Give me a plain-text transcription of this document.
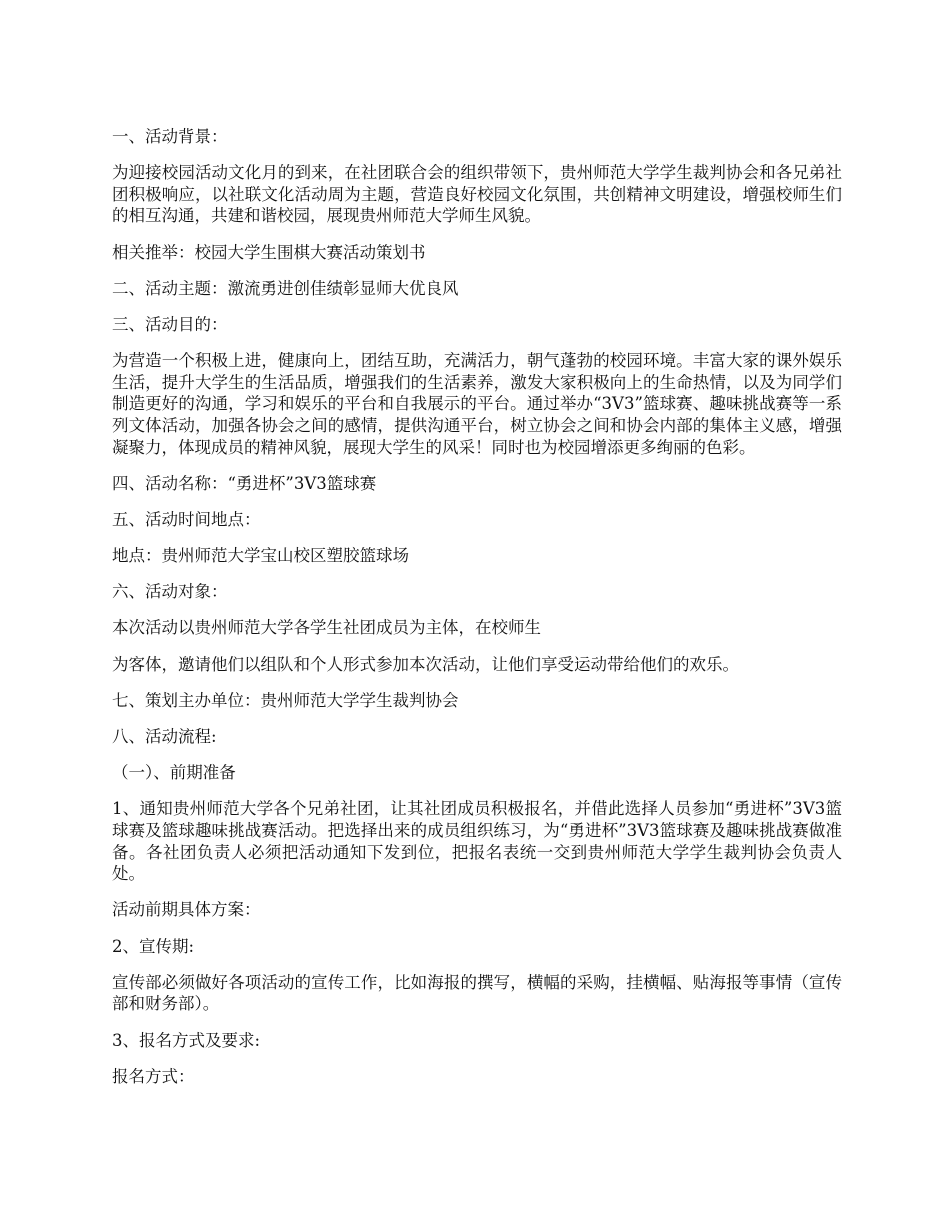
一、活动背景：

为迎接校园活动文化月的到来，在社团联合会的组织带领下，贵州师范大学学生裁判协会和各兄弟社团积极响应，以社联文化活动周为主题，营造良好校园文化氛围，共创精神文明建设，增强校师生们的相互沟通，共建和谐校园，展现贵州师范大学师生风貌。

相关推举：校园大学生围棋大赛活动策划书

二、活动主题：激流勇进创佳绩彰显师大优良风

三、活动目的：

为营造一个积极上进，健康向上，团结互助，充满活力，朝气蓬勃的校园环境。丰富大家的课外娱乐生活，提升大学生的生活品质，增强我们的生活素养，激发大家积极向上的生命热情，以及为同学们制造更好的沟通，学习和娱乐的平台和自我展示的平台。通过举办“3V3”篮球赛、趣味挑战赛等一系列文体活动，加强各协会之间的感情，提供沟通平台，树立协会之间和协会内部的集体主义感，增强凝聚力，体现成员的精神风貌，展现大学生的风采！同时也为校园增添更多绚丽的色彩。

四、活动名称：“勇进杯”3V3篮球赛

五、活动时间地点：

地点：贵州师范大学宝山校区塑胶篮球场

六、活动对象：

本次活动以贵州师范大学各学生社团成员为主体，在校师生

为客体，邀请他们以组队和个人形式参加本次活动，让他们享受运动带给他们的欢乐。

七、策划主办单位：贵州师范大学学生裁判协会

八、活动流程:

（一）、前期准备

1、通知贵州师范大学各个兄弟社团，让其社团成员积极报名，并借此选择人员参加“勇进杯”3V3篮球赛及篮球趣味挑战赛活动。把选择出来的成员组织练习，为“勇进杯”3V3篮球赛及趣味挑战赛做准备。各社团负责人必须把活动通知下发到位，把报名表统一交到贵州师范大学学生裁判协会负责人处。

活动前期具体方案：

2、宣传期:

宣传部必须做好各项活动的宣传工作，比如海报的撰写，横幅的采购，挂横幅、贴海报等事情（宣传部和财务部）。

3、报名方式及要求:

报名方式：
